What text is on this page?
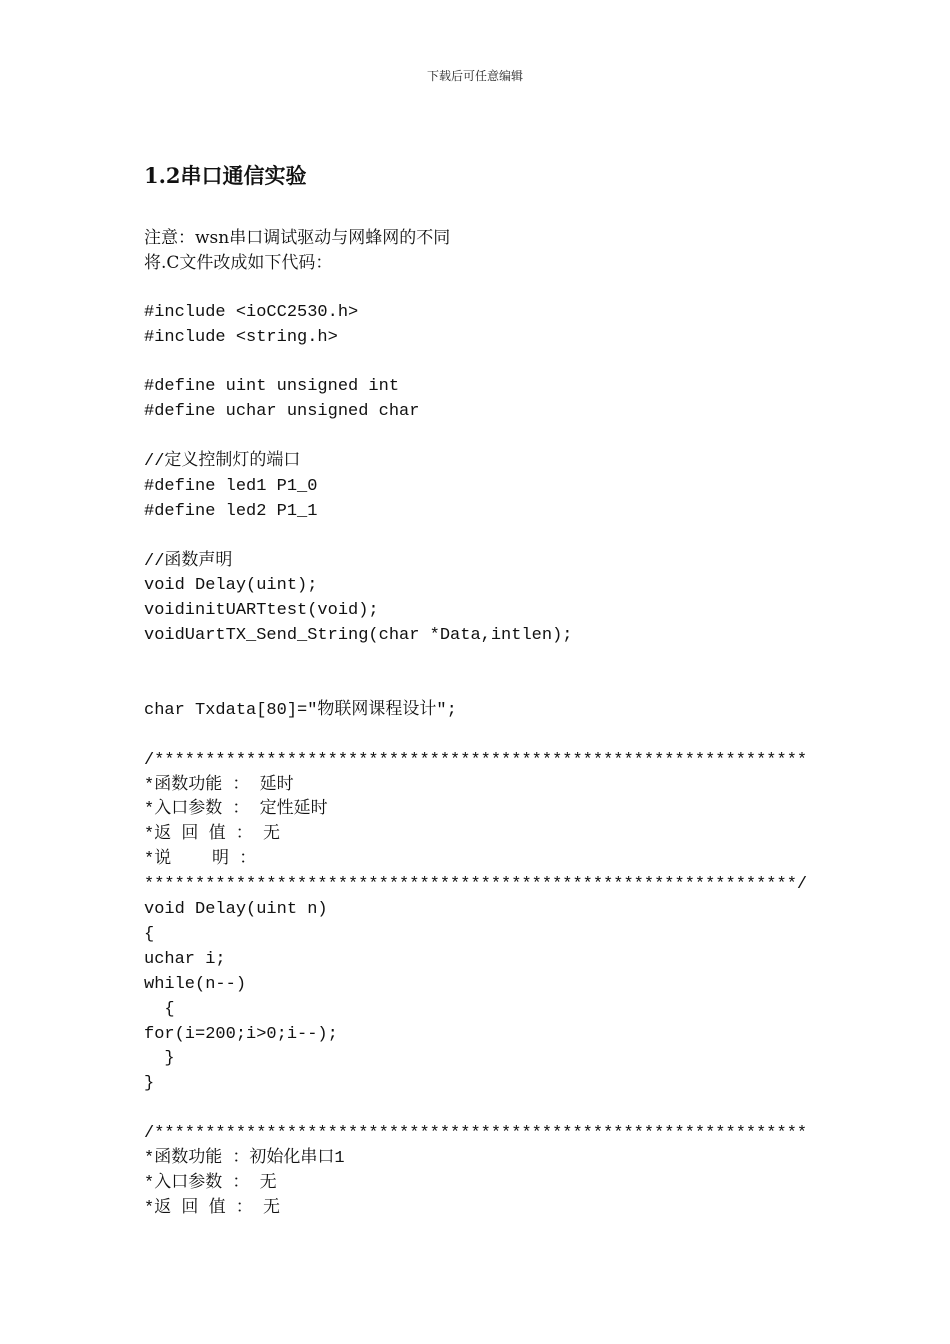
下载后可任意编辑
1.2串口通信实验
注意：wsn串口调试驱动与网蜂网的不同
将.C文件改成如下代码：
#include <ioCC2530.h>
#include <string.h>
#define uint unsigned int
#define uchar unsigned char
//定义控制灯的端口
#define led1 P1_0
#define led2 P1_1
//函数声明
void Delay(uint);
voidinitUARTtest(void);
voidUartTX_Send_String(char *Data,intlen);
char Txdata[80]="物联网课程设计";
/****************************************************************
*函数功能 ： 延时
*入口参数 ： 定性延时
*返 回 值 ： 无
*说    明 ：
****************************************************************/
void Delay(uint n)
{
uchar i;
while(n--)
{
for(i=200;i>0;i--);
}
}
/****************************************************************
*函数功能 ：初始化串口1
*入口参数 ： 无
*返 回 值 ： 无
